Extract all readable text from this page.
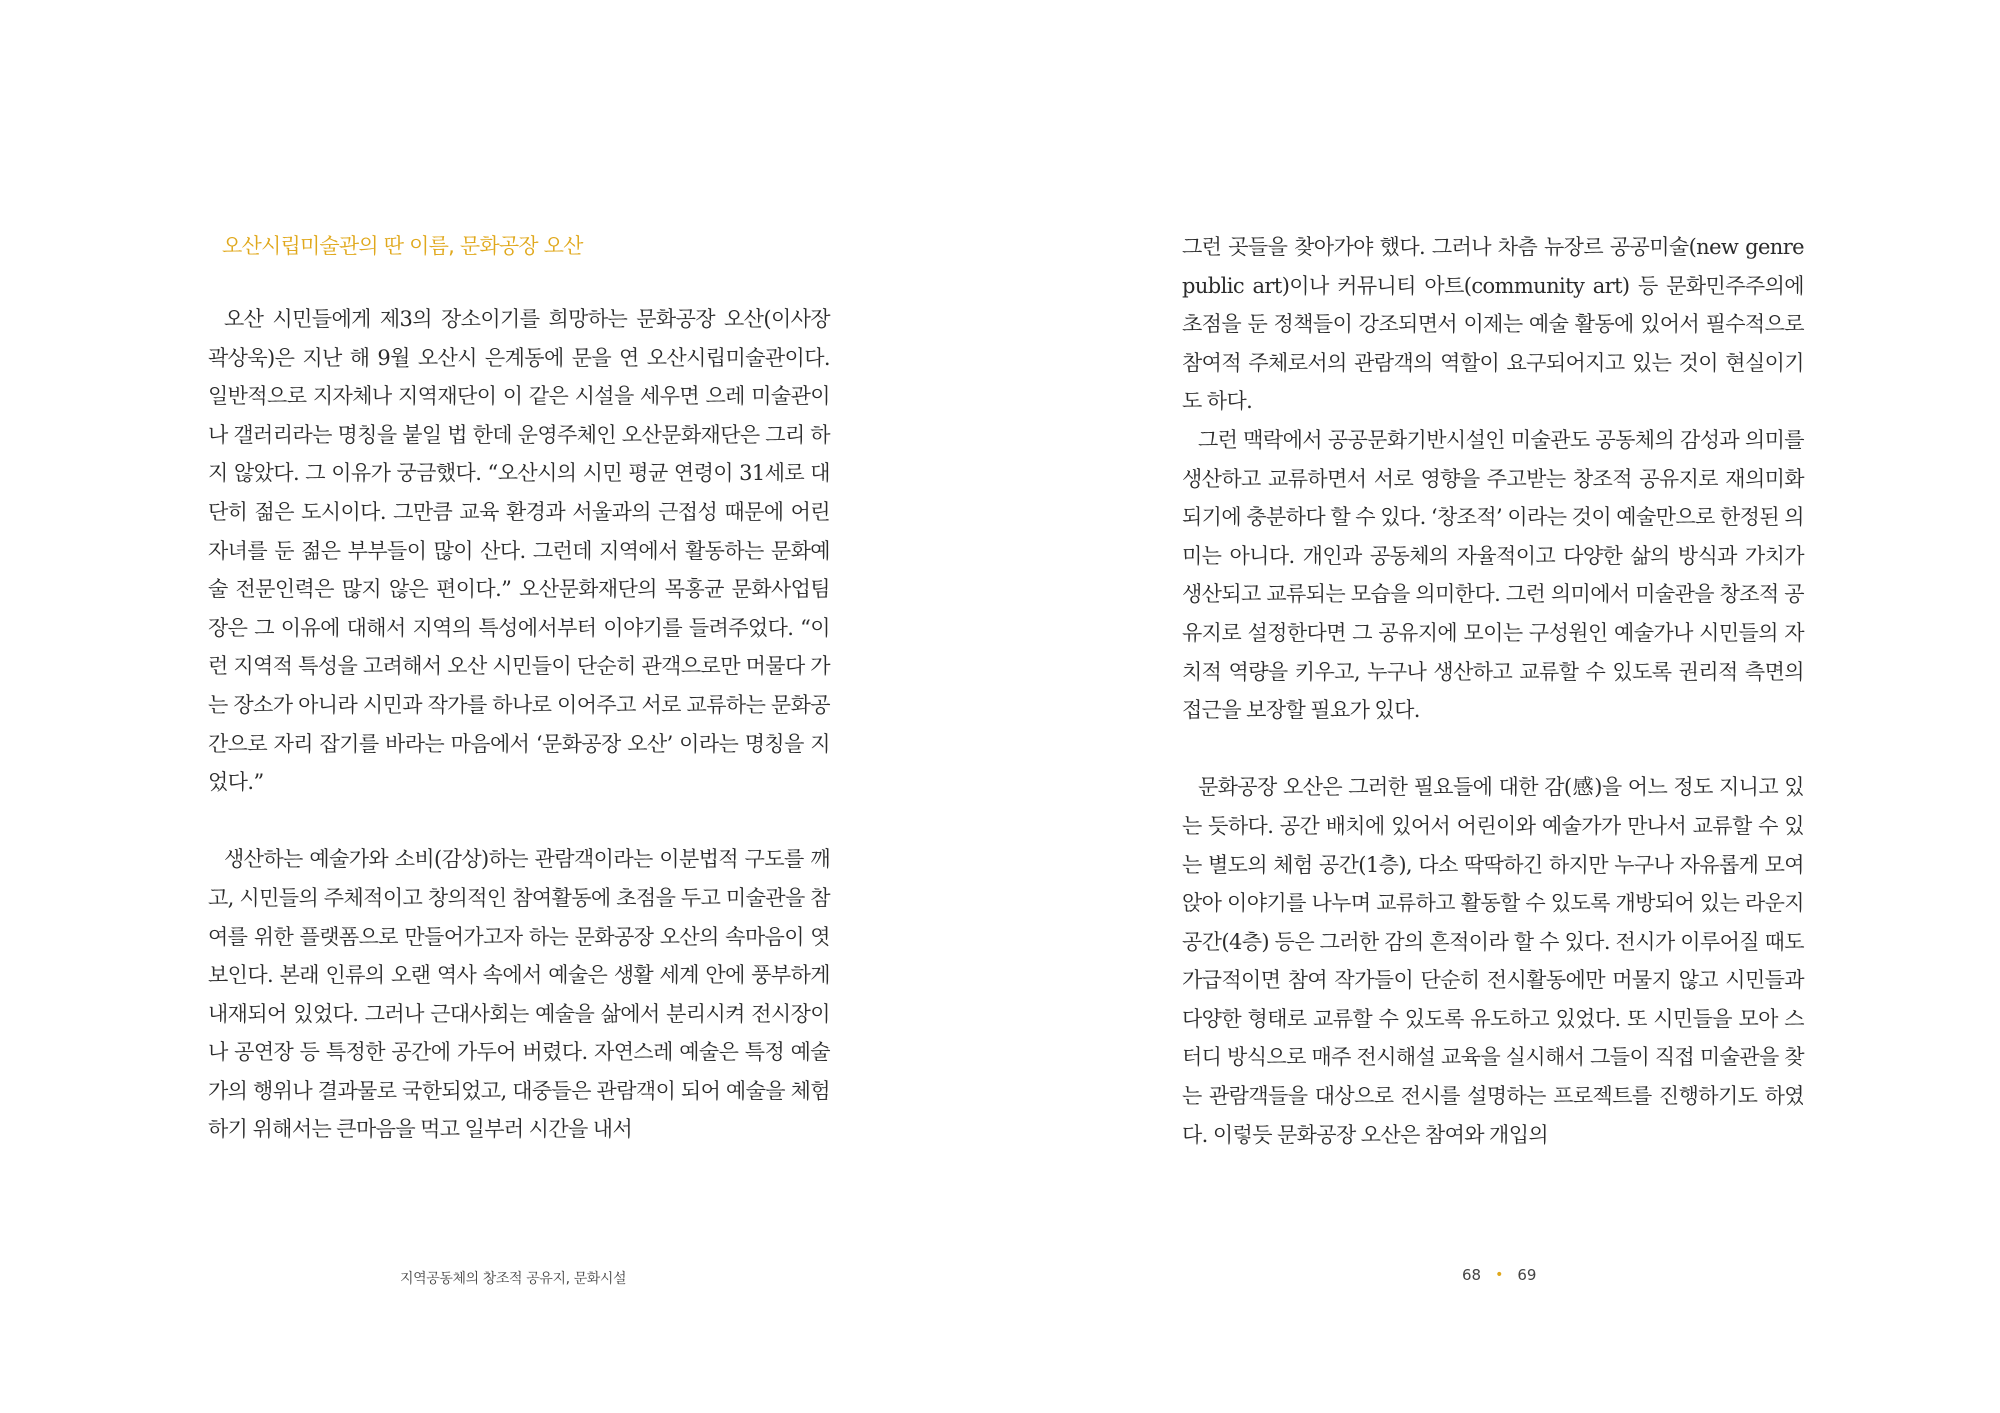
오산시립미술관의 딴 이름, 문화공장 오산

오산 시민들에게 제3의 장소이기를 희망하는 문화공장 오산(이사장 곽상욱)은 지난 해 9월 오산시 은계동에 문을 연 오산시립미술관이다. 일반적으로 지자체나 지역재단이 이 같은 시설을 세우면 으레 미술관이나 갤러리라는 명칭을 붙일 법 한데 운영주체인 오산문화재단은 그리 하지 않았다. 그 이유가 궁금했다. “오산시의 시민 평균 연령이 31세로 대단히 젊은 도시이다. 그만큼 교육 환경과 서울과의 근접성 때문에 어린 자녀를 둔 젊은 부부들이 많이 산다. 그런데 지역에서 활동하는 문화예술 전문인력은 많지 않은 편이다.” 오산문화재단의 목홍균 문화사업팀장은 그 이유에 대해서 지역의 특성에서부터 이야기를 들려주었다. “이런 지역적 특성을 고려해서 오산 시민들이 단순히 관객으로만 머물다 가는 장소가 아니라 시민과 작가를 하나로 이어주고 서로 교류하는 문화공간으로 자리 잡기를 바라는 마음에서 ‘문화공장 오산’ 이라는 명칭을 지었다.”

생산하는 예술가와 소비(감상)하는 관람객이라는 이분법적 구도를 깨고, 시민들의 주체적이고 창의적인 참여활동에 초점을 두고 미술관을 참여를 위한 플랫폼으로 만들어가고자 하는 문화공장 오산의 속마음이 엿보인다. 본래 인류의 오랜 역사 속에서 예술은 생활 세계 안에 풍부하게 내재되어 있었다. 그러나 근대사회는 예술을 삶에서 분리시켜 전시장이나 공연장 등 특정한 공간에 가두어 버렸다. 자연스레 예술은 특정 예술가의 행위나 결과물로 국한되었고, 대중들은 관람객이 되어 예술을 체험하기 위해서는 큰마음을 먹고 일부러 시간을 내서

지역공동체의 창조적 공유지, 문화시설

그런 곳들을 찾아가야 했다. 그러나 차츰 뉴장르 공공미술(new genre public art)이나 커뮤니티 아트(community art) 등 문화민주주의에 초점을 둔 정책들이 강조되면서 이제는 예술 활동에 있어서 필수적으로 참여적 주체로서의 관람객의 역할이 요구되어지고 있는 것이 현실이기도 하다.

그런 맥락에서 공공문화기반시설인 미술관도 공동체의 감성과 의미를 생산하고 교류하면서 서로 영향을 주고받는 창조적 공유지로 재의미화 되기에 충분하다 할 수 있다. ‘창조적’ 이라는 것이 예술만으로 한정된 의미는 아니다. 개인과 공동체의 자율적이고 다양한 삶의 방식과 가치가 생산되고 교류되는 모습을 의미한다. 그런 의미에서 미술관을 창조적 공유지로 설정한다면 그 공유지에 모이는 구성원인 예술가나 시민들의 자치적 역량을 키우고, 누구나 생산하고 교류할 수 있도록 권리적 측면의 접근을 보장할 필요가 있다.

문화공장 오산은 그러한 필요들에 대한 감(感)을 어느 정도 지니고 있는 듯하다. 공간 배치에 있어서 어린이와 예술가가 만나서 교류할 수 있는 별도의 체험 공간(1층), 다소 딱딱하긴 하지만 누구나 자유롭게 모여 앉아 이야기를 나누며 교류하고 활동할 수 있도록 개방되어 있는 라운지 공간(4층) 등은 그러한 감의 흔적이라 할 수 있다. 전시가 이루어질 때도 가급적이면 참여 작가들이 단순히 전시활동에만 머물지 않고 시민들과 다양한 형태로 교류할 수 있도록 유도하고 있었다. 또 시민들을 모아 스터디 방식으로 매주 전시해설 교육을 실시해서 그들이 직접 미술관을 찾는 관람객들을 대상으로 전시를 설명하는 프로젝트를 진행하기도 하였다. 이렇듯 문화공장 오산은 참여와 개입의

68 • 69
